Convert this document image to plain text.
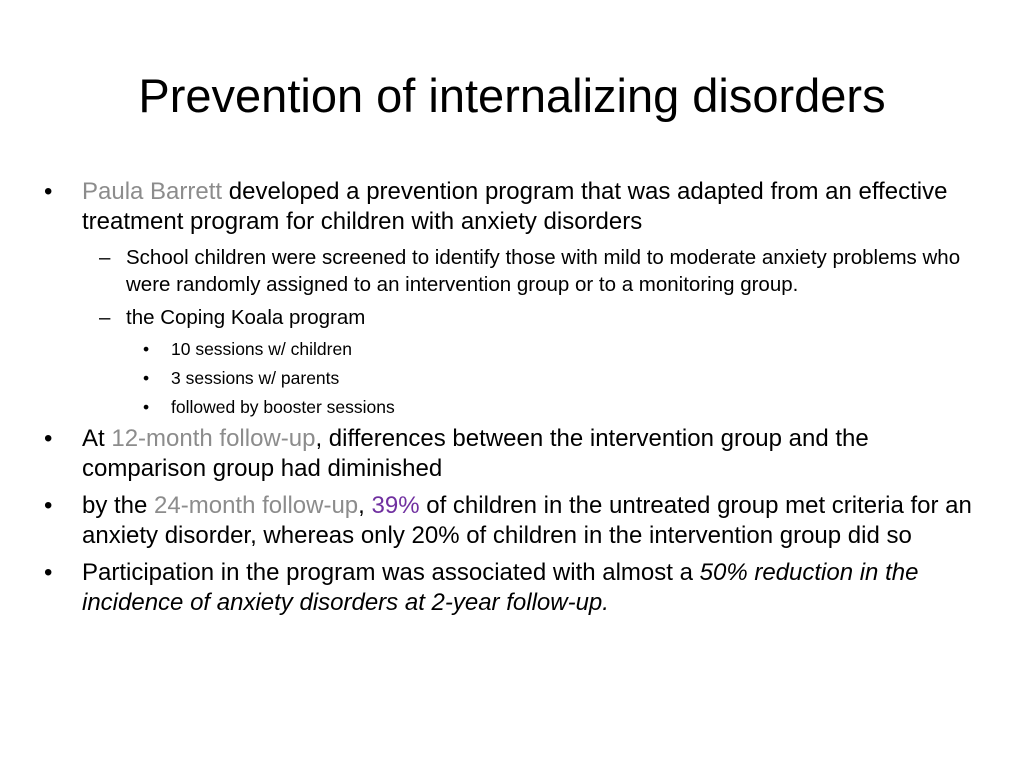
Prevention of internalizing disorders
• Paula Barrett developed a prevention program that was adapted from an effective treatment program for children with anxiety disorders
– School children were screened to identify those with mild to moderate anxiety problems who were randomly assigned to an intervention group or to a monitoring group.
– the Coping Koala program
• 10 sessions w/ children
• 3 sessions w/ parents
• followed by booster sessions
• At 12-month follow-up, differences between the intervention group and the comparison group had diminished
• by the 24-month follow-up, 39% of children in the untreated group met criteria for an anxiety disorder, whereas only 20% of children in the intervention group did so
• Participation in the program was associated with almost a 50% reduction in the incidence of anxiety disorders at 2-year follow-up.
